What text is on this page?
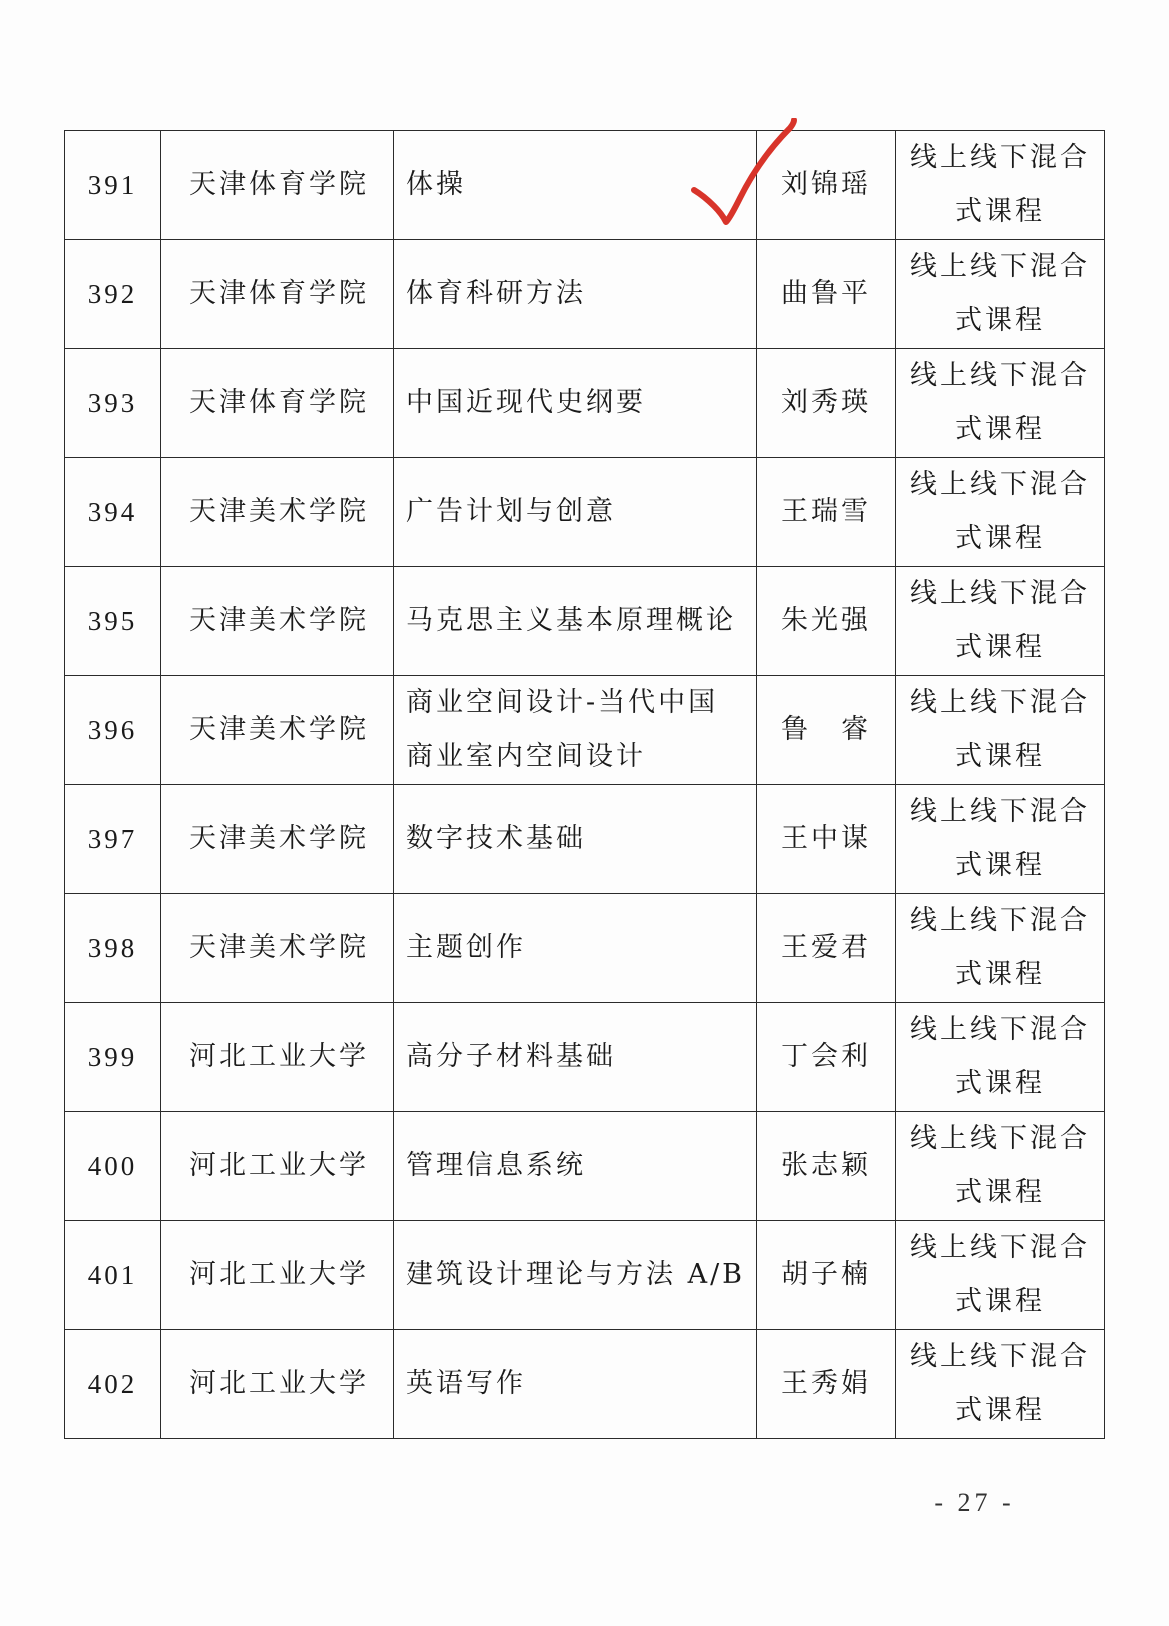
391	天津体育学院	体操	刘锦瑶	线上线下混合
式课程

392	天津体育学院	体育科研方法	曲鲁平	线上线下混合
式课程

393	天津体育学院	中国近现代史纲要	刘秀瑛	线上线下混合
式课程

394	天津美术学院	广告计划与创意	王瑞雪	线上线下混合
式课程

395	天津美术学院	马克思主义基本原理概论	朱光强	线上线下混合
式课程

396	天津美术学院	商业空间设计-当代中国商业室内空间设计	鲁　睿	线上线下混合
式课程

397	天津美术学院	数字技术基础	王中谋	线上线下混合
式课程

398	天津美术学院	主题创作	王爱君	线上线下混合
式课程

399	河北工业大学	高分子材料基础	丁会利	线上线下混合
式课程

400	河北工业大学	管理信息系统	张志颖	线上线下混合
式课程

401	河北工业大学	建筑设计理论与方法 A/B	胡子楠	线上线下混合
式课程

402	河北工业大学	英语写作	王秀娟	线上线下混合
式课程
- 27 -
